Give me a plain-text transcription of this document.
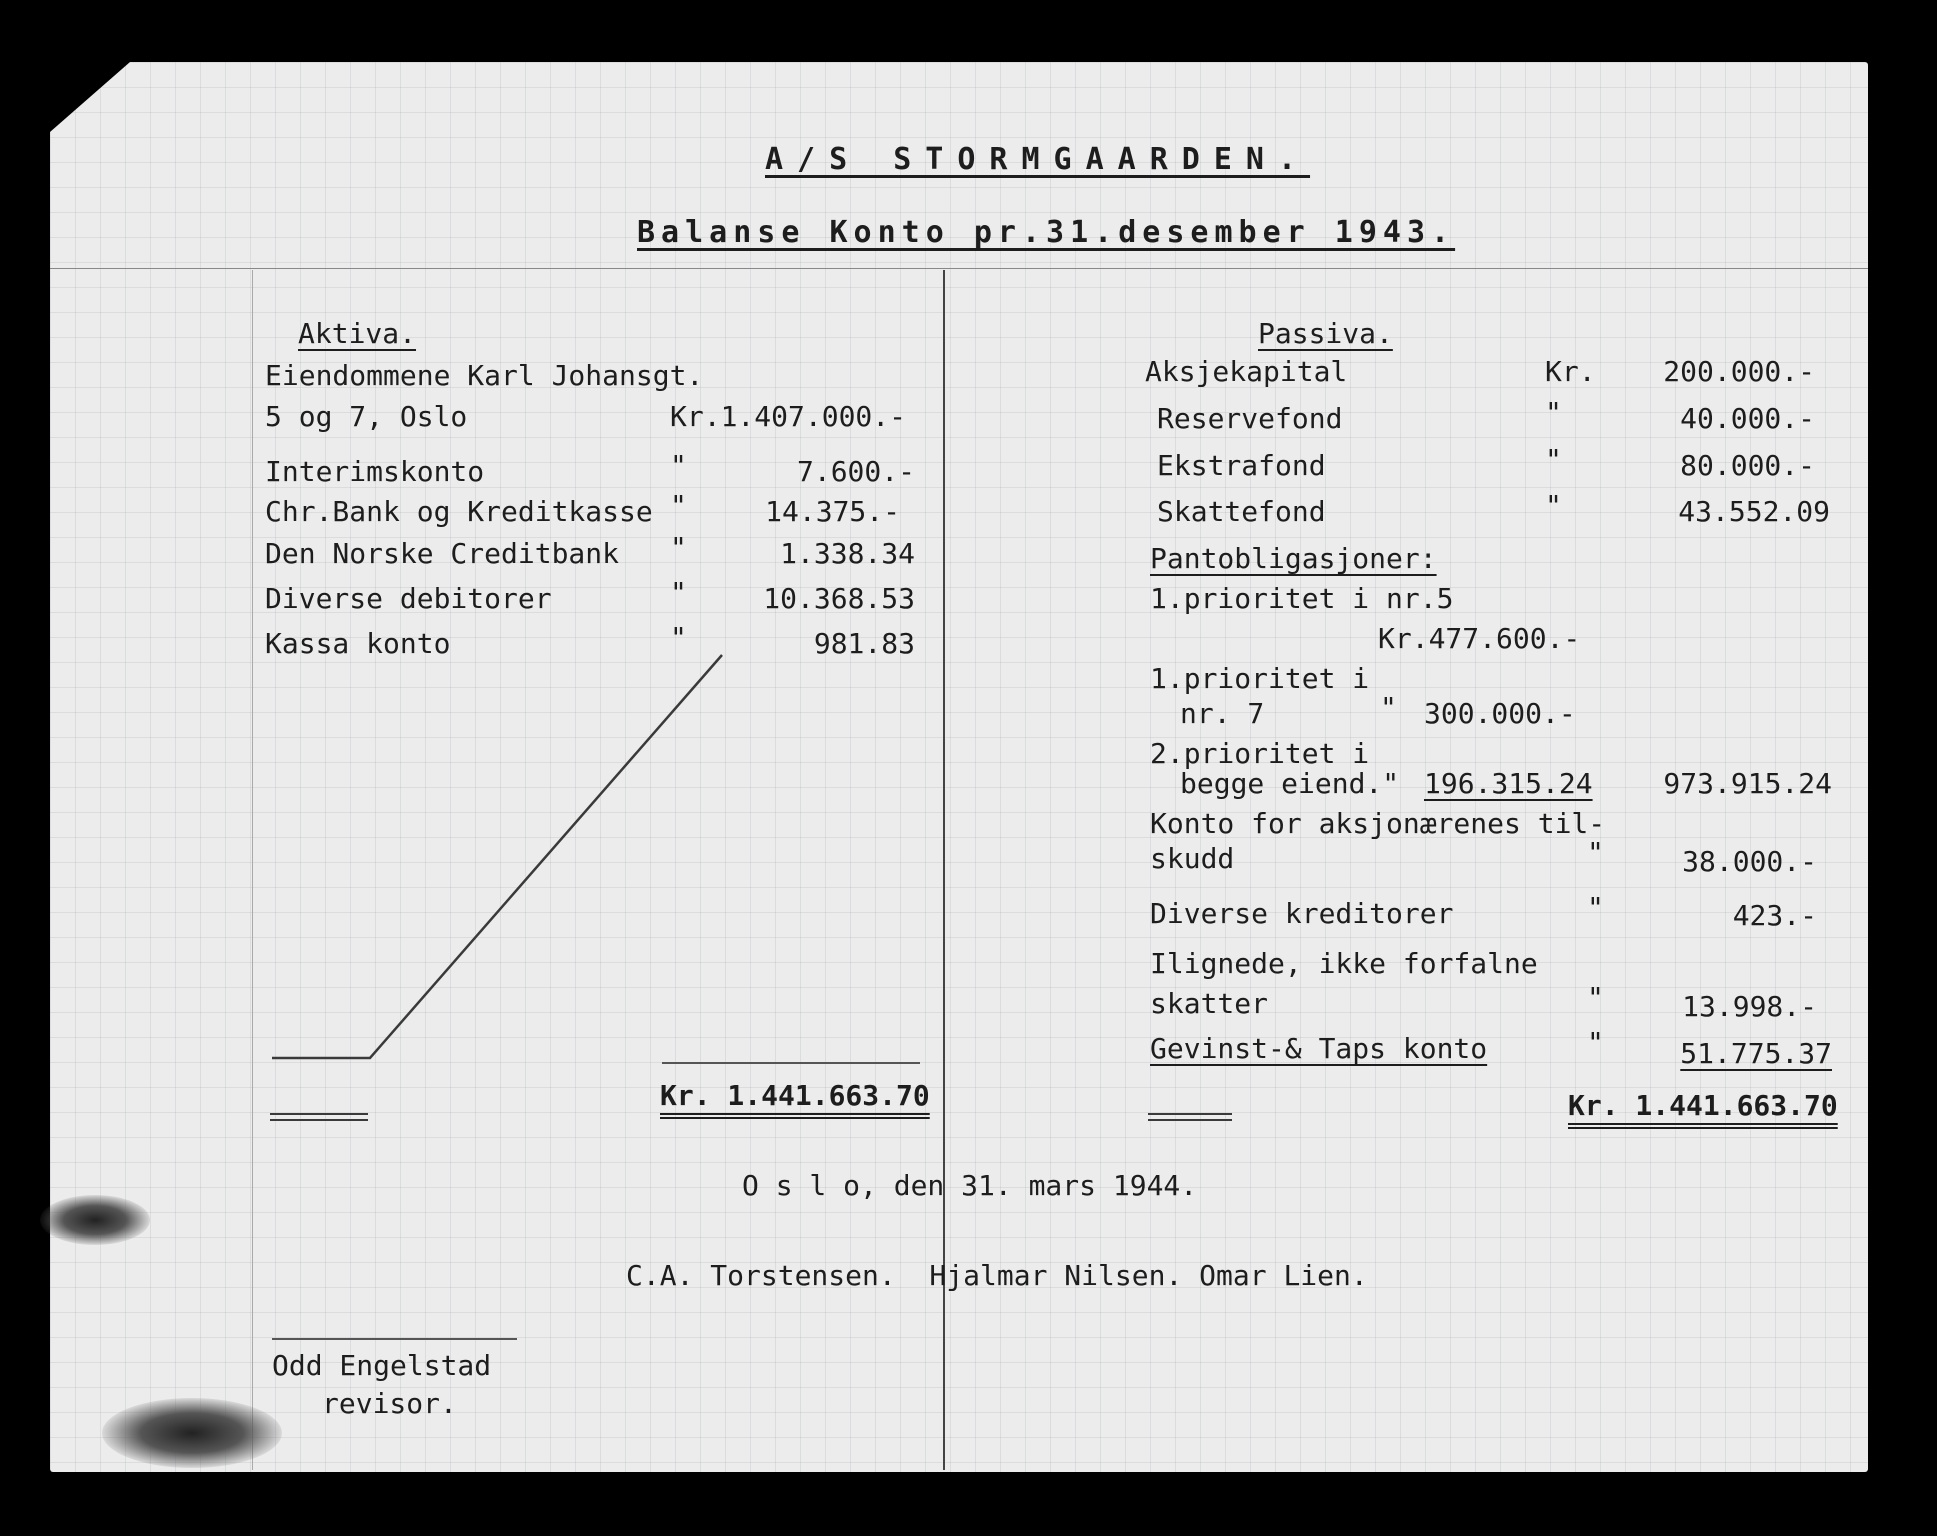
A/S STORMGAARDEN.
Balanse Konto pr.31.desember 1943.
Aktiva.
Eiendommene Karl Johansgt.
5 og 7, Oslo	Kr.1.407.000.-
Interimskonto	"	7.600.-
Chr.Bank og Kreditkasse "	14.375.-
Den Norske Creditbank "	1.338.34
Diverse debitorer	"	10.368.53
Kassa konto	"	981.83
Kr. 1.441.663.70
Passiva.
Aksjekapital	Kr.	200.000.-
Reservefond	"	40.000.-
Ekstrafond	"	80.000.-
Skattefond	"	43.552.09
Pantobligasjoner:
1.prioritet i nr.5
Kr.477.600.-
1.prioritet i
nr. 7	" 300.000.-
2.prioritet i
begge eiend." 196.315.24	973.915.24
Konto for aksjonærenes til-
skudd	"	38.000.-
Diverse kreditorer	"	423.-
Ilignede, ikke forfalne
skatter	"	13.998.-
Gevinst-& Taps konto	"	51.775.37
Kr. 1.441.663.70
O s l o, den 31. mars 1944.
C.A. Torstensen.  Hjalmar Nilsen. Omar Lien.
Odd Engelstad
revisor.
